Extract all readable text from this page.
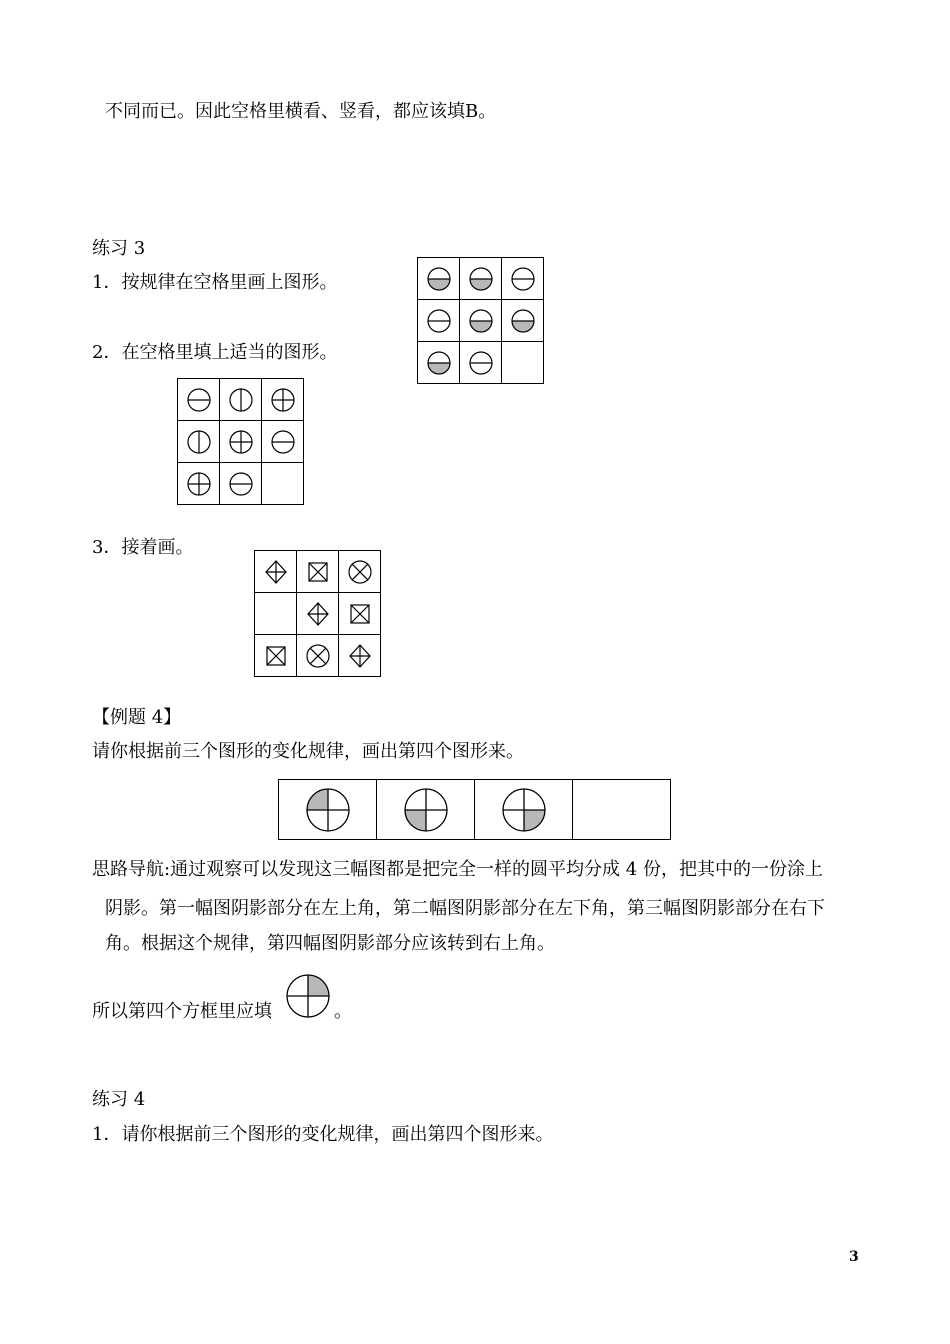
不同而已。因此空格里横看、竖看，都应该填B。
练习 3
1．按规律在空格里画上图形。
2．在空格里填上适当的图形。

3．接着画。

【例题 4】
请你根据前三个图形的变化规律，画出第四个图形来。

思路导航:通过观察可以发现这三幅图都是把完全一样的圆平均分成 4 份，把其中的一份涂上
阴影。第一幅图阴影部分在左上角，第二幅图阴影部分在左下角，第三幅图阴影部分在右下
角。根据这个规律，第四幅图阴影部分应该转到右上角。
所以第四个方框里应填	。
练习 4
1．请你根据前三个图形的变化规律，画出第四个图形来。
3
